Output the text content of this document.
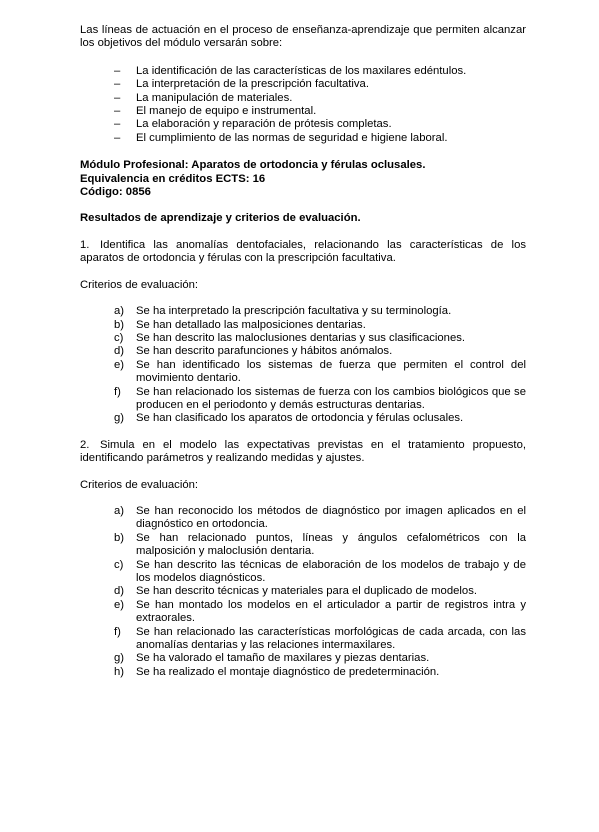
Las líneas de actuación en el proceso de enseñanza-aprendizaje que permiten alcanzar los objetivos del módulo versarán sobre:

– La identificación de las características de los maxilares edéntulos.
– La interpretación de la prescripción facultativa.
– La manipulación de materiales.
– El manejo de equipo e instrumental.
– La elaboración y reparación de prótesis completas.
– El cumplimiento de las normas de seguridad e higiene laboral.
Módulo Profesional: Aparatos de ortodoncia y férulas oclusales.
Equivalencia en créditos ECTS: 16
Código: 0856

Resultados de aprendizaje y criterios de evaluación.

1. Identifica las anomalías dentofaciales, relacionando las características de los aparatos de ortodoncia y férulas con la prescripción facultativa.

Criterios de evaluación:

a)	Se ha interpretado la prescripción facultativa y su terminología.
b)	Se han detallado las malposiciones dentarias.
c)	Se han descrito las maloclusiones dentarias y sus clasificaciones.
d)	Se han descrito parafunciones y hábitos anómalos.
e)	Se han identificado los sistemas de fuerza que permiten el control del movimiento dentario.
f)	Se han relacionado los sistemas de fuerza con los cambios biológicos que se producen en el periodonto y demás estructuras dentarias.
g)	Se han clasificado los aparatos de ortodoncia y férulas oclusales.

2. Simula en el modelo las expectativas previstas en el tratamiento propuesto, identificando parámetros y realizando medidas y ajustes.

Criterios de evaluación:

a)	Se han reconocido los métodos de diagnóstico por imagen aplicados en el diagnóstico en ortodoncia.
b)	Se han relacionado puntos, líneas y ángulos cefalométricos con la malposición y maloclusión dentaria.
c)	Se han descrito las técnicas de elaboración de los modelos de trabajo y de los modelos diagnósticos.
d)	Se han descrito técnicas y materiales para el duplicado de modelos.
e)	Se han montado los modelos en el articulador a partir de registros intra y extraorales.
f)	Se han relacionado las características morfológicas de cada arcada, con las anomalías dentarias y las relaciones intermaxilares.
g)	Se ha valorado el tamaño de maxilares y piezas dentarias.
h)	Se ha realizado el montaje diagnóstico de predeterminación.
